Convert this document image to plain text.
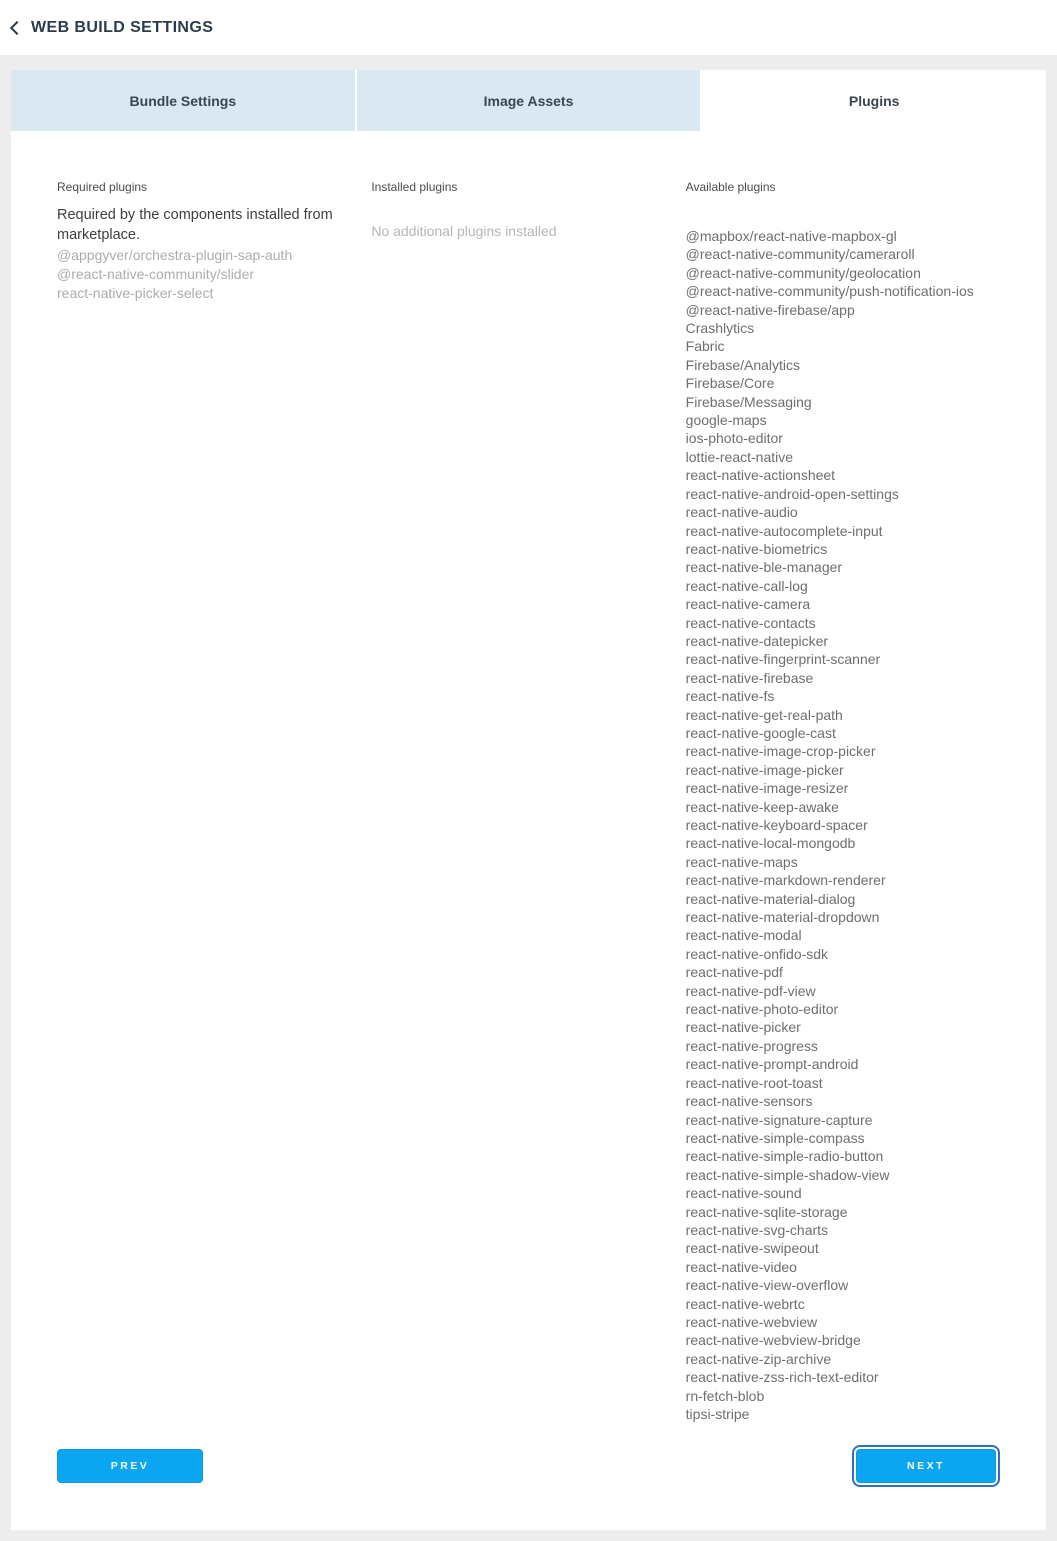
WEB BUILD SETTINGS
Bundle Settings	Image Assets	Plugins
Required plugins

Required by the components installed from marketplace.

@appgyver/orchestra-plugin-sap-auth
@react-native-community/slider
react-native-picker-select
Installed plugins
No additional plugins installed
Available plugins
@mapbox/react-native-mapbox-gl
@react-native-community/cameraroll
@react-native-community/geolocation
@react-native-community/push-notification-ios
@react-native-firebase/app
Crashlytics
Fabric
Firebase/Analytics
Firebase/Core
Firebase/Messaging
google-maps
ios-photo-editor
lottie-react-native
react-native-actionsheet
react-native-android-open-settings
react-native-audio
react-native-autocomplete-input
react-native-biometrics
react-native-ble-manager
react-native-call-log
react-native-camera
react-native-contacts
react-native-datepicker
react-native-fingerprint-scanner
react-native-firebase
react-native-fs
react-native-get-real-path
react-native-google-cast
react-native-image-crop-picker
react-native-image-picker
react-native-image-resizer
react-native-keep-awake
react-native-keyboard-spacer
react-native-local-mongodb
react-native-maps
react-native-markdown-renderer
react-native-material-dialog
react-native-material-dropdown
react-native-modal
react-native-onfido-sdk
react-native-pdf
react-native-pdf-view
react-native-photo-editor
react-native-picker
react-native-progress
react-native-prompt-android
react-native-root-toast
react-native-sensors
react-native-signature-capture
react-native-simple-compass
react-native-simple-radio-button
react-native-simple-shadow-view
react-native-sound
react-native-sqlite-storage
react-native-svg-charts
react-native-swipeout
react-native-video
react-native-view-overflow
react-native-webrtc
react-native-webview
react-native-webview-bridge
react-native-zip-archive
react-native-zss-rich-text-editor
rn-fetch-blob
tipsi-stripe
PREV	NEXT
